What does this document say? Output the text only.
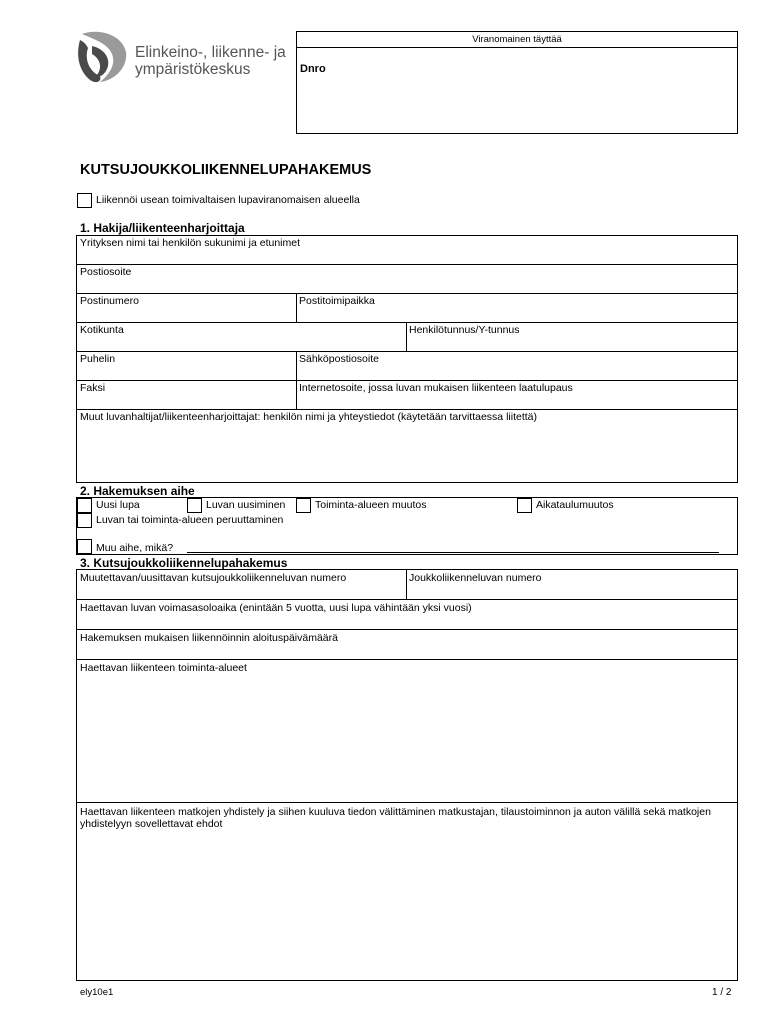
Elinkeino-, liikenne- ja
ympäristökeskus
Viranomainen täyttää
Dnro
KUTSUJOUKKOLIIKENNELUPAHAKEMUS
Liikennöi usean toimivaltaisen lupaviranomaisen alueella
1. Hakija/liikenteenharjoittaja
Yrityksen nimi tai henkilön sukunimi ja etunimet
Postiosoite
Postinumero	Postitoimipaikka
Kotikunta	Henkilötunnus/Y-tunnus
Puhelin	Sähköpostiosoite
Faksi	Internetosoite, jossa luvan mukaisen liikenteen laatulupaus
Muut luvanhaltijat/liikenteenharjoittajat: henkilön nimi ja yhteystiedot (käytetään tarvittaessa liitettä)
2. Hakemuksen aihe
Uusi lupa	Luvan uusiminen	Toiminta-alueen muutos	Aikataulumuutos
Luvan tai toiminta-alueen peruuttaminen
Muu aihe, mikä?
3. Kutsujoukkoliikennelupahakemus
Muutettavan/uusittavan kutsujoukkoliikenneluvan numero	Joukkoliikenneluvan numero
Haettavan luvan voimasasoloaika (enintään 5 vuotta, uusi lupa vähintään yksi vuosi)
Hakemuksen mukaisen liikennöinnin aloituspäivämäärä
Haettavan liikenteen toiminta-alueet
Haettavan liikenteen matkojen yhdistely ja siihen kuuluva tiedon välittäminen matkustajan, tilaustoiminnon ja auton välillä sekä matkojen yhdistelyyn sovellettavat ehdot
ely10e1	1 / 2
